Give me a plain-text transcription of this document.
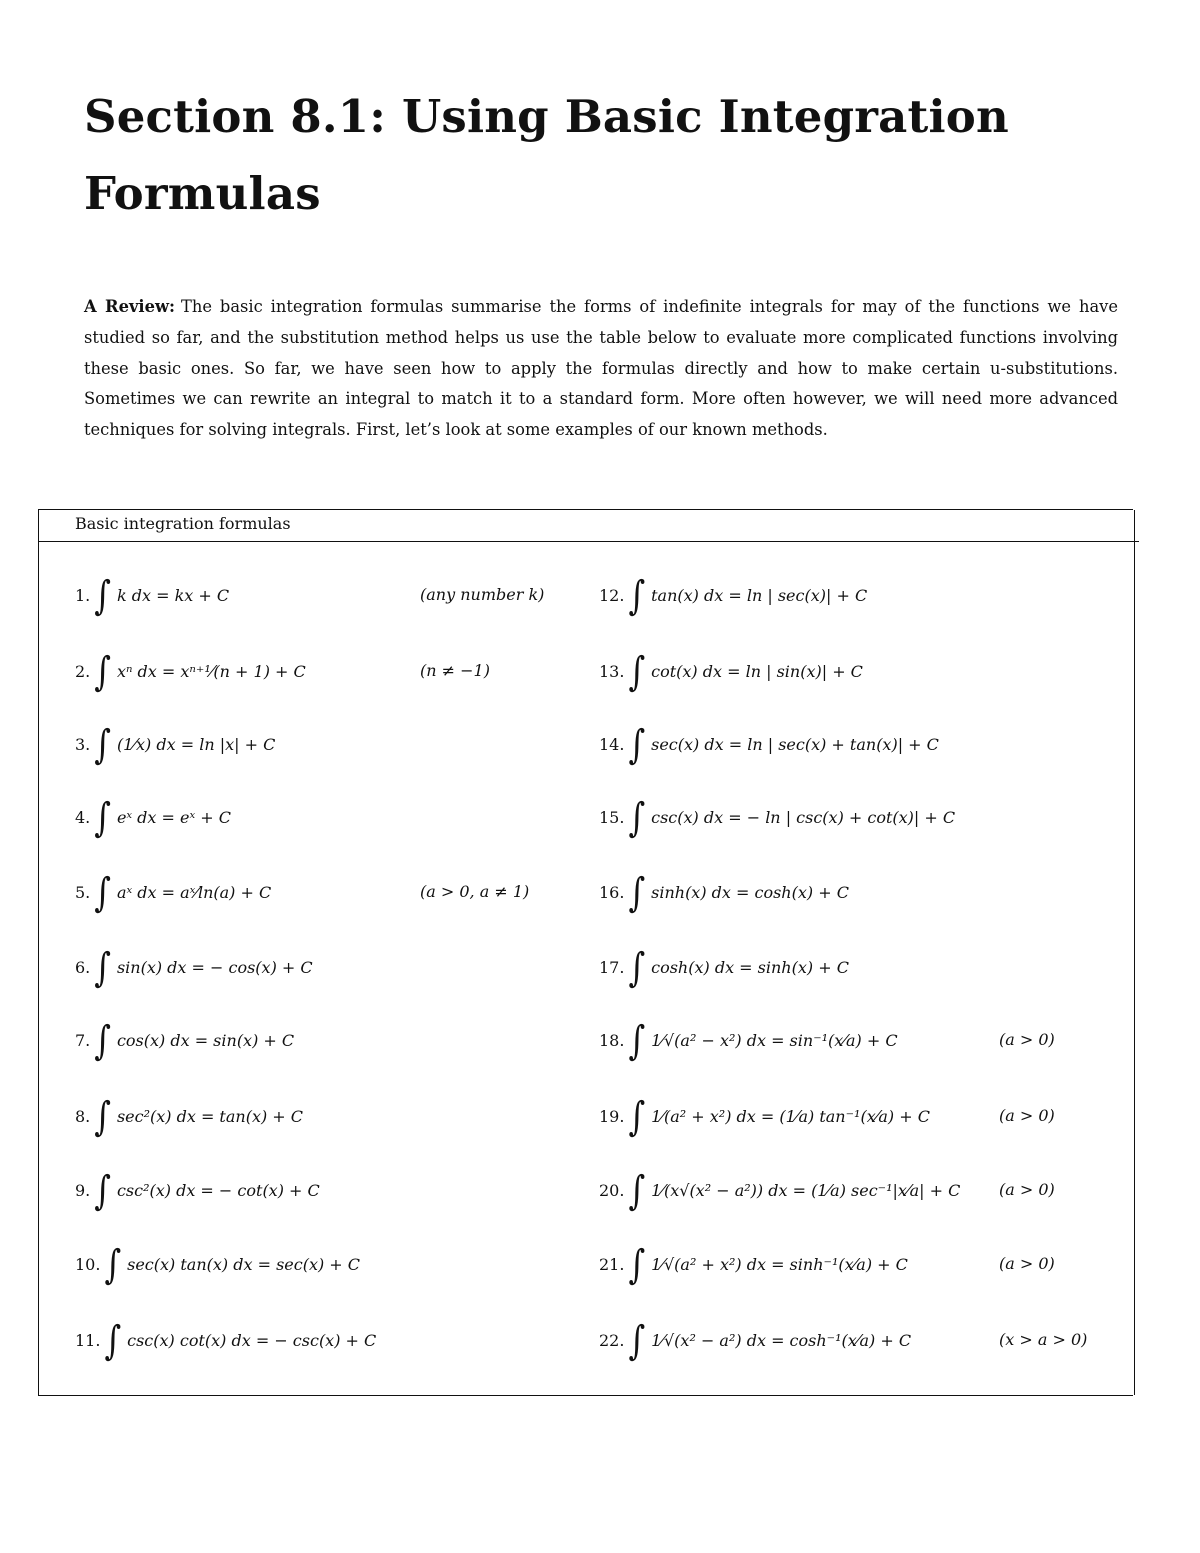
Section 8.1: Using Basic Integration Formulas

A Review: The basic integration formulas summarise the forms of indefinite integrals for may of the functions we have studied so far, and the substitution method helps us use the table below to evaluate more complicated functions involving these basic ones. So far, we have seen how to apply the formulas directly and how to make certain u-substitutions. Sometimes we can rewrite an integral to match it to a standard form. More often however, we will need more advanced techniques for solving integrals. First, let’s look at some examples of our known methods.

Basic integration formulas
1. ∫ k dx = kx + C	(any number k)
2. ∫ xⁿ dx = xⁿ⁺¹⁄(n + 1) + C	(n ≠ −1)
3. ∫ (1⁄x) dx = ln |x| + C
4. ∫ eˣ dx = eˣ + C
5. ∫ aˣ dx = aˣ⁄ln(a) + C	(a > 0, a ≠ 1)
6. ∫ sin(x) dx = − cos(x) + C
7. ∫ cos(x) dx = sin(x) + C
8. ∫ sec²(x) dx = tan(x) + C
9. ∫ csc²(x) dx = − cot(x) + C
10. ∫ sec(x) tan(x) dx = sec(x) + C
11. ∫ csc(x) cot(x) dx = − csc(x) + C
12. ∫ tan(x) dx = ln | sec(x)| + C
13. ∫ cot(x) dx = ln | sin(x)| + C
14. ∫ sec(x) dx = ln | sec(x) + tan(x)| + C
15. ∫ csc(x) dx = − ln | csc(x) + cot(x)| + C
16. ∫ sinh(x) dx = cosh(x) + C
17. ∫ cosh(x) dx = sinh(x) + C
18. ∫ 1⁄√(a² − x²) dx = sin⁻¹(x⁄a) + C	(a > 0)
19. ∫ 1⁄(a² + x²) dx = (1⁄a) tan⁻¹(x⁄a) + C	(a > 0)
20. ∫ 1⁄(x√(x² − a²)) dx = (1⁄a) sec⁻¹|x⁄a| + C (a > 0)
21. ∫ 1⁄√(a² + x²) dx = sinh⁻¹(x⁄a) + C	(a > 0)
22. ∫ 1⁄√(x² − a²) dx = cosh⁻¹(x⁄a) + C	(x > a > 0)
